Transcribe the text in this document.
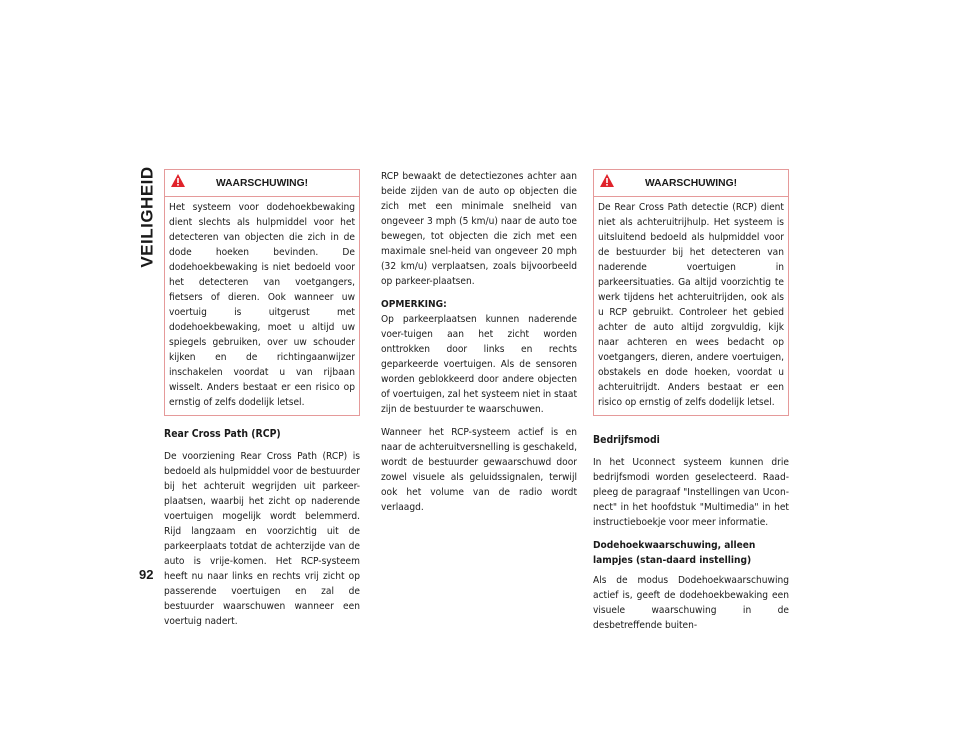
VEILIGHEID	WAARSCHUWING!
Het systeem voor dodehoekbewaking dient slechts als hulpmiddel voor het detecteren van objecten die zich in de dode hoeken bevinden. De dodehoekbewaking is niet bedoeld voor het detecteren van voetgangers, fietsers of dieren. Ook wanneer uw voertuig is uitgerust met dodehoekbewaking, moet u altijd uw spiegels gebruiken, over uw schouder kijken en de richtingaanwijzer inschakelen voordat u van rijbaan wisselt. Anders bestaat er een risico op ernstig of zelfs dodelijk letsel.
Rear Cross Path (RCP)

De voorziening Rear Cross Path (RCP) is bedoeld als hulpmiddel voor de bestuurder bij het achteruit wegrijden uit parkeer-plaatsen, waarbij het zicht op naderende voertuigen mogelijk wordt belemmerd. Rijd langzaam en voorzichtig uit de parkeerplaats totdat de achterzijde van de auto is vrije-komen. Het RCP-systeem heeft nu naar links en rechts vrij zicht op passerende voertuigen en zal de bestuurder waarschuwen wanneer een voertuig nadert.

RCP bewaakt de detectiezones achter aan beide zijden van de auto op objecten die zich met een minimale snelheid van ongeveer 3 mph (5 km/u) naar de auto toe bewegen, tot objecten die zich met een maximale snel-heid van ongeveer 20 mph (32 km/u) verplaatsen, zoals bijvoorbeeld op parkeer-plaatsen.

OPMERKING:
Op parkeerplaatsen kunnen naderende voer-tuigen aan het zicht worden onttrokken door links en rechts geparkeerde voertuigen. Als de sensoren worden geblokkeerd door andere objecten of voertuigen, zal het systeem niet in staat zijn de bestuurder te waarschuwen.

Wanneer het RCP-systeem actief is en naar de achteruitversnelling is geschakeld, wordt de bestuurder gewaarschuwd door zowel visuele als geluidssignalen, terwijl ook het volume van de radio wordt verlaagd.

WAARSCHUWING!
De Rear Cross Path detectie (RCP) dient niet als achteruitrijhulp. Het systeem is uitsluitend bedoeld als hulpmiddel voor de bestuurder bij het detecteren van naderende voertuigen in parkeersituaties. Ga altijd voorzichtig te werk tijdens het achteruitrijden, ook als u RCP gebruikt. Controleer het gebied achter de auto altijd zorgvuldig, kijk naar achteren en wees bedacht op voetgangers, dieren, andere voertuigen, obstakels en dode hoeken, voordat u achteruitrijdt. Anders bestaat er een risico op ernstig of zelfs dodelijk letsel.
Bedrijfsmodi

In het Uconnect systeem kunnen drie bedrijfsmodi worden geselecteerd. Raad-pleeg de paragraaf "Instellingen van Ucon-nect" in het hoofdstuk "Multimedia" in het instructieboekje voor meer informatie.

Dodehoekwaarschuwing, alleen lampjes (stan-daard instelling)

Als de modus Dodehoekwaarschuwing actief is, geeft de dodehoekbewaking een visuele waarschuwing in de desbetreffende buiten-

92
